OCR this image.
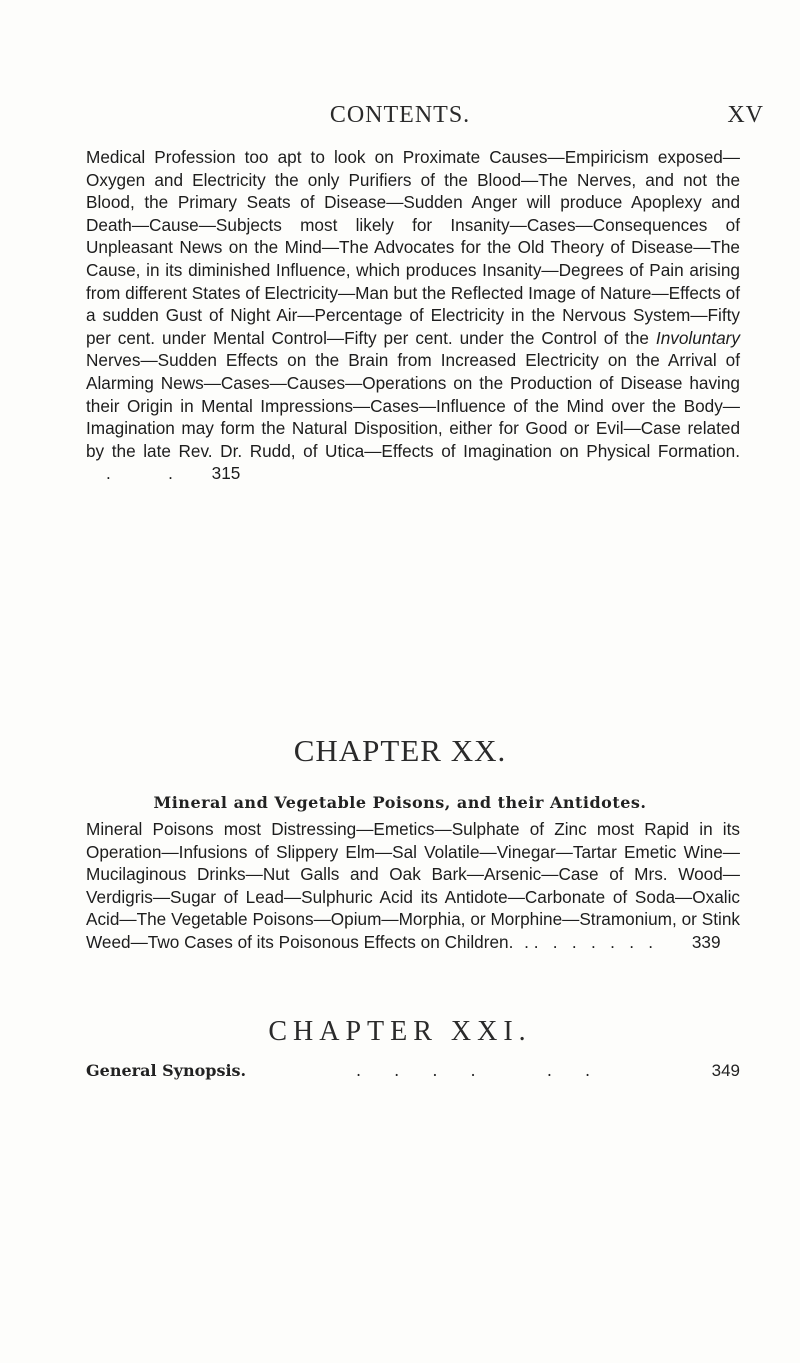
CONTENTS.	XV
Medical Profession too apt to look on Proximate Causes—Empiricism exposed—Oxygen and Electricity the only Purifiers of the Blood—The Nerves, and not the Blood, the Primary Seats of Disease—Sudden Anger will produce Apoplexy and Death—Cause—Subjects most likely for Insanity—Cases—Consequences of Unpleasant News on the Mind—The Advocates for the Old Theory of Disease—The Cause, in its diminished Influence, which produces Insanity—Degrees of Pain arising from different States of Electricity—Man but the Reflected Image of Nature—Effects of a sudden Gust of Night Air—Percentage of Electricity in the Nervous System—Fifty per cent. under Mental Control—Fifty per cent. under the Control of the Involuntary Nerves—Sudden Effects on the Brain from Increased Electricity on the Arrival of Alarming News—Cases—Causes—Operations on the Production of Disease having their Origin in Mental Impressions—Cases—Influence of the Mind over the Body—Imagination may form the Natural Disposition, either for Good or Evil—Case related by the late Rev. Dr. Rudd, of Utica—Effects of Imagination on Physical Formation. .            . 315
CHAPTER XX.
Mineral and Vegetable Poisons, and their Antidotes.
Mineral Poisons most Distressing—Emetics—Sulphate of Zinc most Rapid in its Operation—Infusions of Slippery Elm—Sal Volatile—Vinegar—Tartar Emetic Wine—Mucilaginous Drinks—Nut Galls and Oak Bark—Arsenic—Case of Mrs. Wood—Verdigris—Sugar of Lead—Sulphuric Acid its Antidote—Carbonate of Soda—Oxalic Acid—The Vegetable Poisons—Opium—Morphia, or Morphine—Stramonium, or Stink Weed—Two Cases of its Poisonous Effects on Children. . .   .   .   .   .   .   . 339
CHAPTER XXI.
General Synopsis.	. . . .   . .	349
